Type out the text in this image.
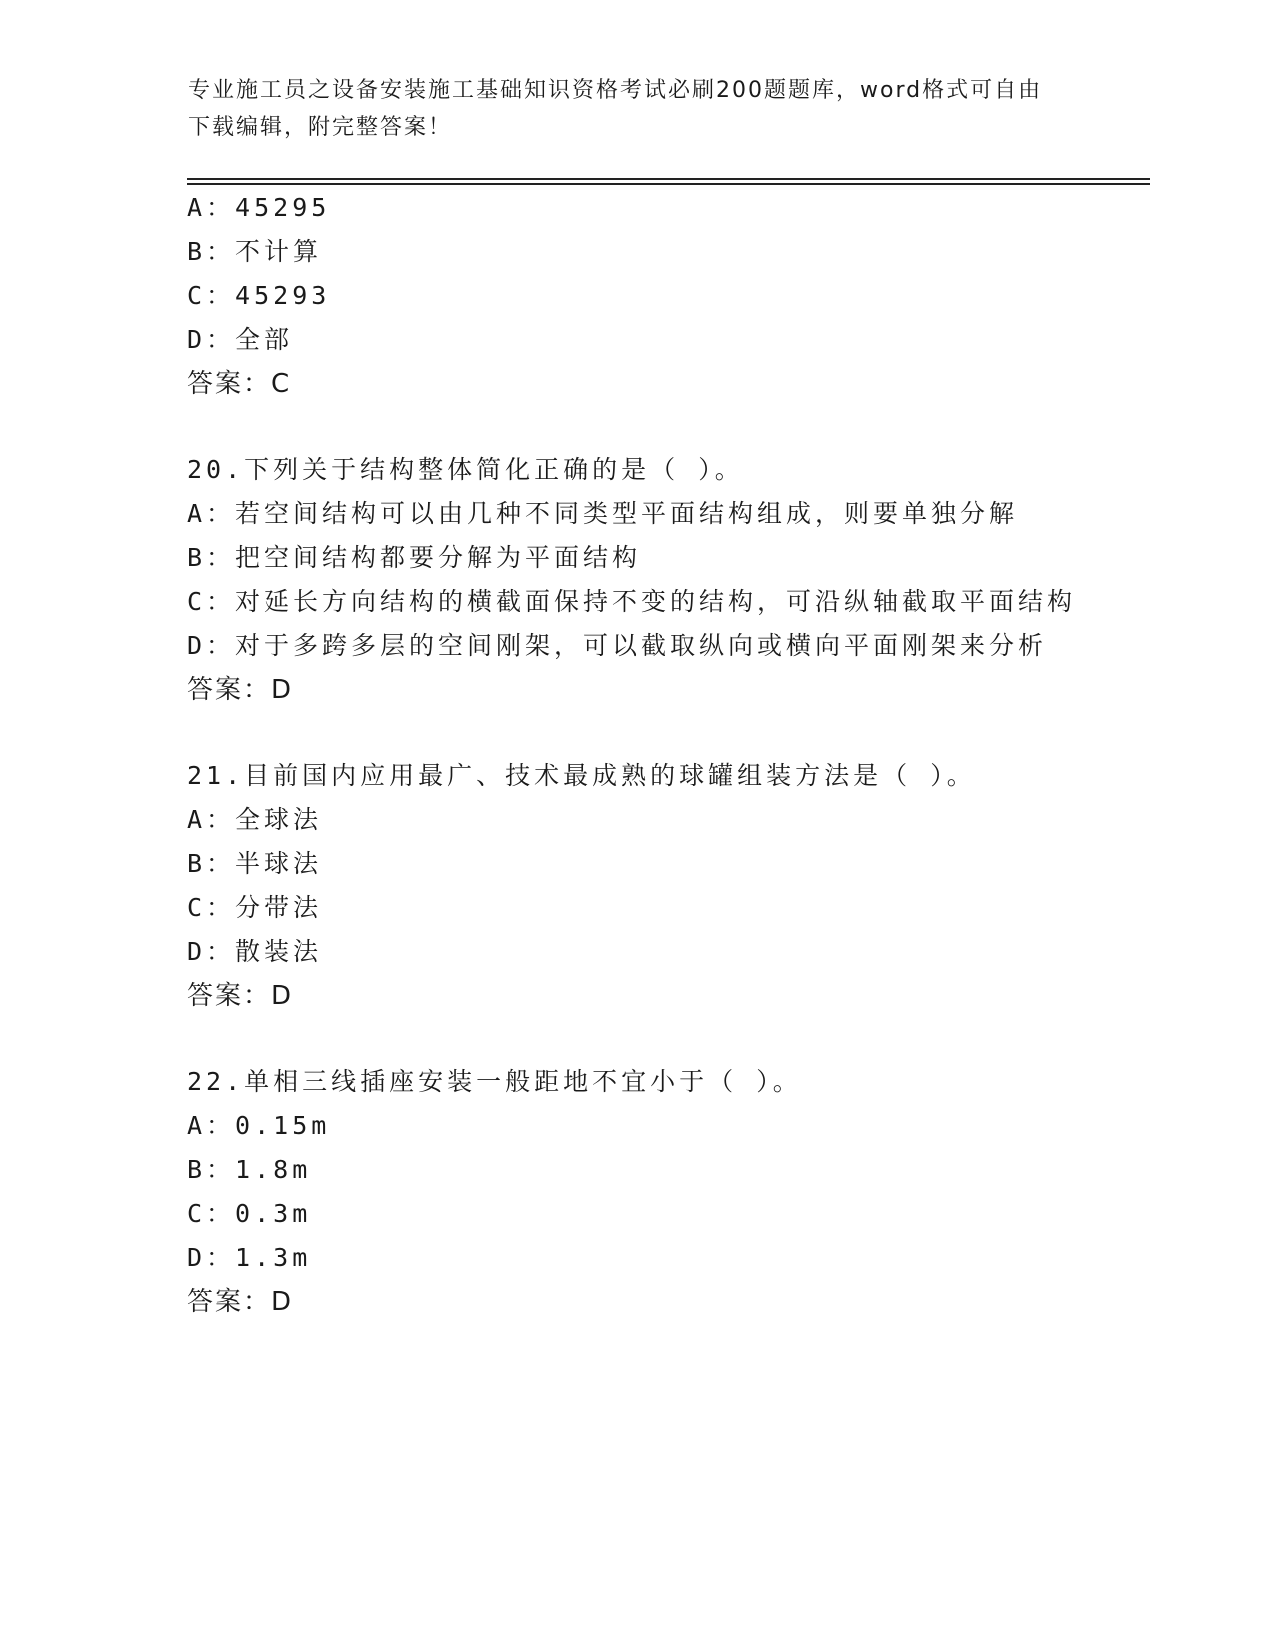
专业施工员之设备安装施工基础知识资格考试必刷200题题库，word格式可自由
下载编辑，附完整答案！
A：45295
B：不计算
C：45293
D：全部
答案：C
20.下列关于结构整体简化正确的是（ ）。
A：若空间结构可以由几种不同类型平面结构组成，则要单独分解
B：把空间结构都要分解为平面结构
C：对延长方向结构的横截面保持不变的结构，可沿纵轴截取平面结构
D：对于多跨多层的空间刚架，可以截取纵向或横向平面刚架来分析
答案：D
21.目前国内应用最广、技术最成熟的球罐组装方法是（ ）。
A：全球法
B：半球法
C：分带法
D：散装法
答案：D
22.单相三线插座安装一般距地不宜小于（ ）。
A：0.15m
B：1.8m
C：0.3m
D：1.3m
答案：D
